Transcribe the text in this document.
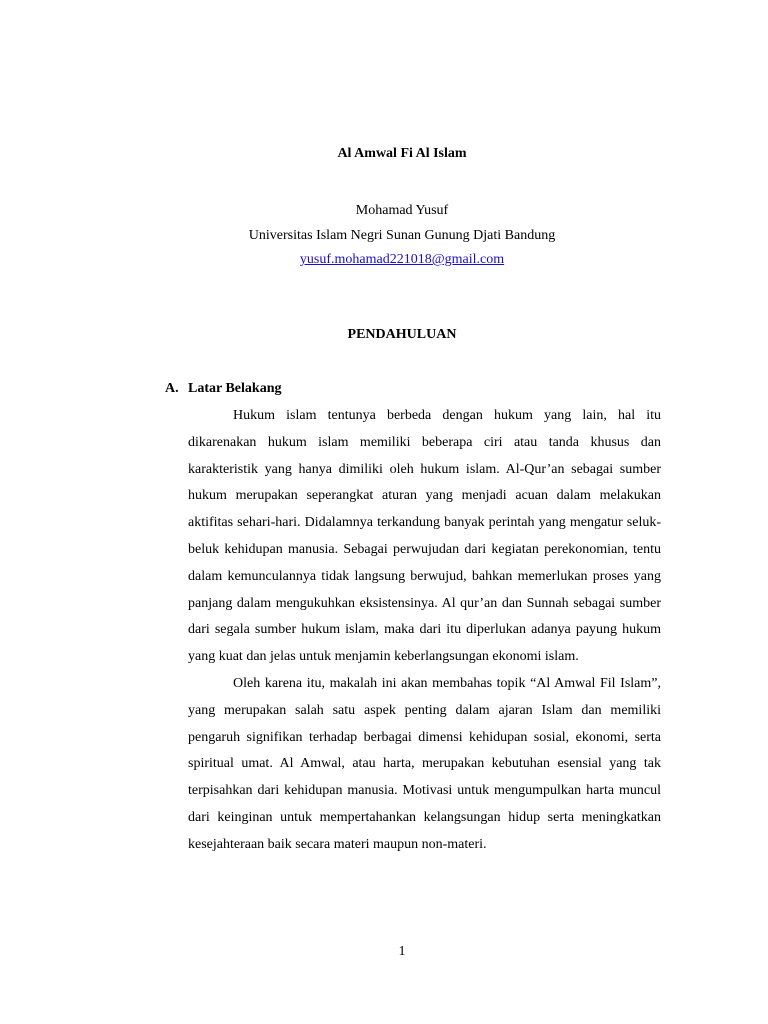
Al Amwal Fi Al Islam
Mohamad Yusuf
Universitas Islam Negri Sunan Gunung Djati Bandung
yusuf.mohamad221018@gmail.com
PENDAHULUAN
A. Latar Belakang

Hukum islam tentunya berbeda dengan hukum yang lain, hal itu dikarenakan hukum islam memiliki beberapa ciri atau tanda khusus dan karakteristik yang hanya dimiliki oleh hukum islam. Al-Qur’an sebagai sumber hukum merupakan seperangkat aturan yang menjadi acuan dalam melakukan aktifitas sehari-hari. Didalamnya terkandung banyak perintah yang mengatur seluk-beluk kehidupan manusia. Sebagai perwujudan dari kegiatan perekonomian, tentu dalam kemunculannya tidak langsung berwujud, bahkan memerlukan proses yang panjang dalam mengukuhkan eksistensinya. Al qur’an dan Sunnah sebagai sumber dari segala sumber hukum islam, maka dari itu diperlukan adanya payung hukum yang kuat dan jelas untuk menjamin keberlangsungan ekonomi islam.

Oleh karena itu, makalah ini akan membahas topik “Al Amwal Fil Islam”, yang merupakan salah satu aspek penting dalam ajaran Islam dan memiliki pengaruh signifikan terhadap berbagai dimensi kehidupan sosial, ekonomi, serta spiritual umat. Al Amwal, atau harta, merupakan kebutuhan esensial yang tak terpisahkan dari kehidupan manusia. Motivasi untuk mengumpulkan harta muncul dari keinginan untuk mempertahankan kelangsungan hidup serta meningkatkan kesejahteraan baik secara materi maupun non-materi.

1
